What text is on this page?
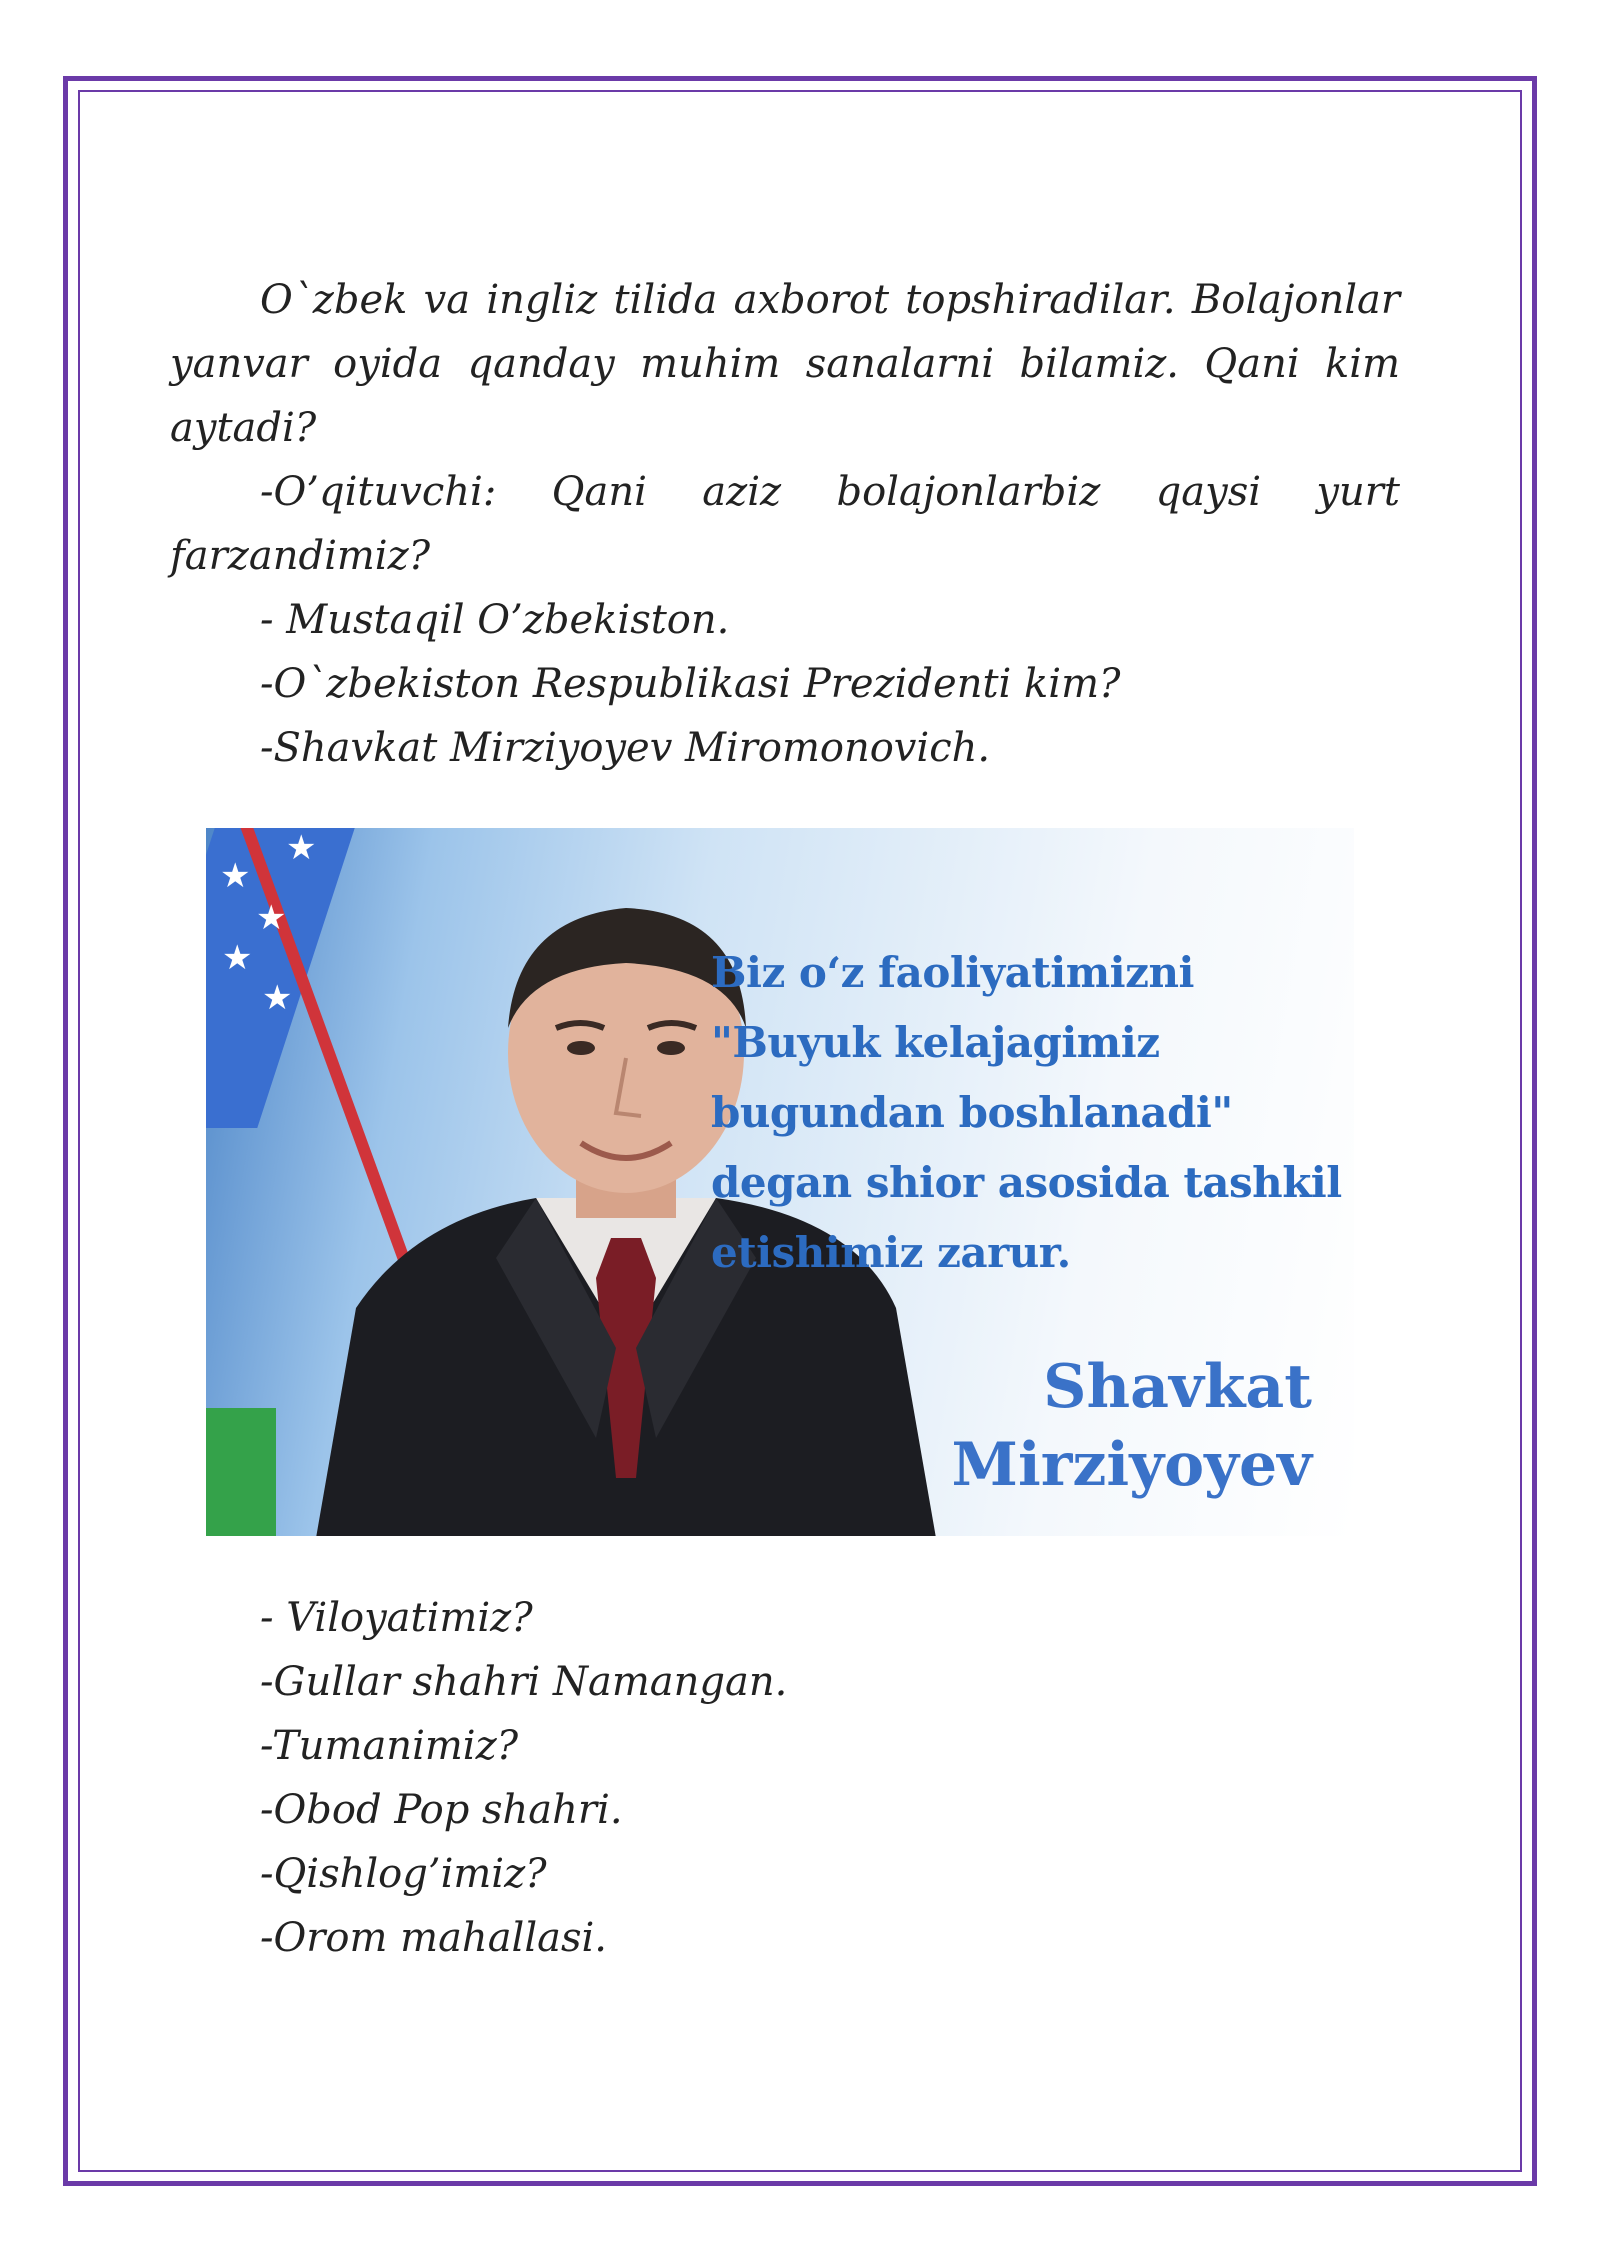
O`zbek va ingliz tilida axborot topshiradilar. Bolajonlar yanvar oyida qanday muhim sanalarni bilamiz. Qani kim aytadi?

-O’qituvchi: Qani aziz bolajonlarbiz qaysi yurt farzandimiz?

- Mustaqil O’zbekiston.

-O`zbekiston Respublikasi Prezidenti kim?

-Shavkat Mirziyoyev Miromonovich.

★
★
★
★
★
Biz o‘z faoliyatimizni "Buyuk kelajagimiz bugundan boshlanadi" degan shior asosida tashkil etishimiz zarur.
Shavkat
Mirziyoyev

- Viloyatimiz?

-Gullar shahri Namangan.

-Tumanimiz?

-Obod Pop shahri.

-Qishlog’imiz?

-Orom mahallasi.
